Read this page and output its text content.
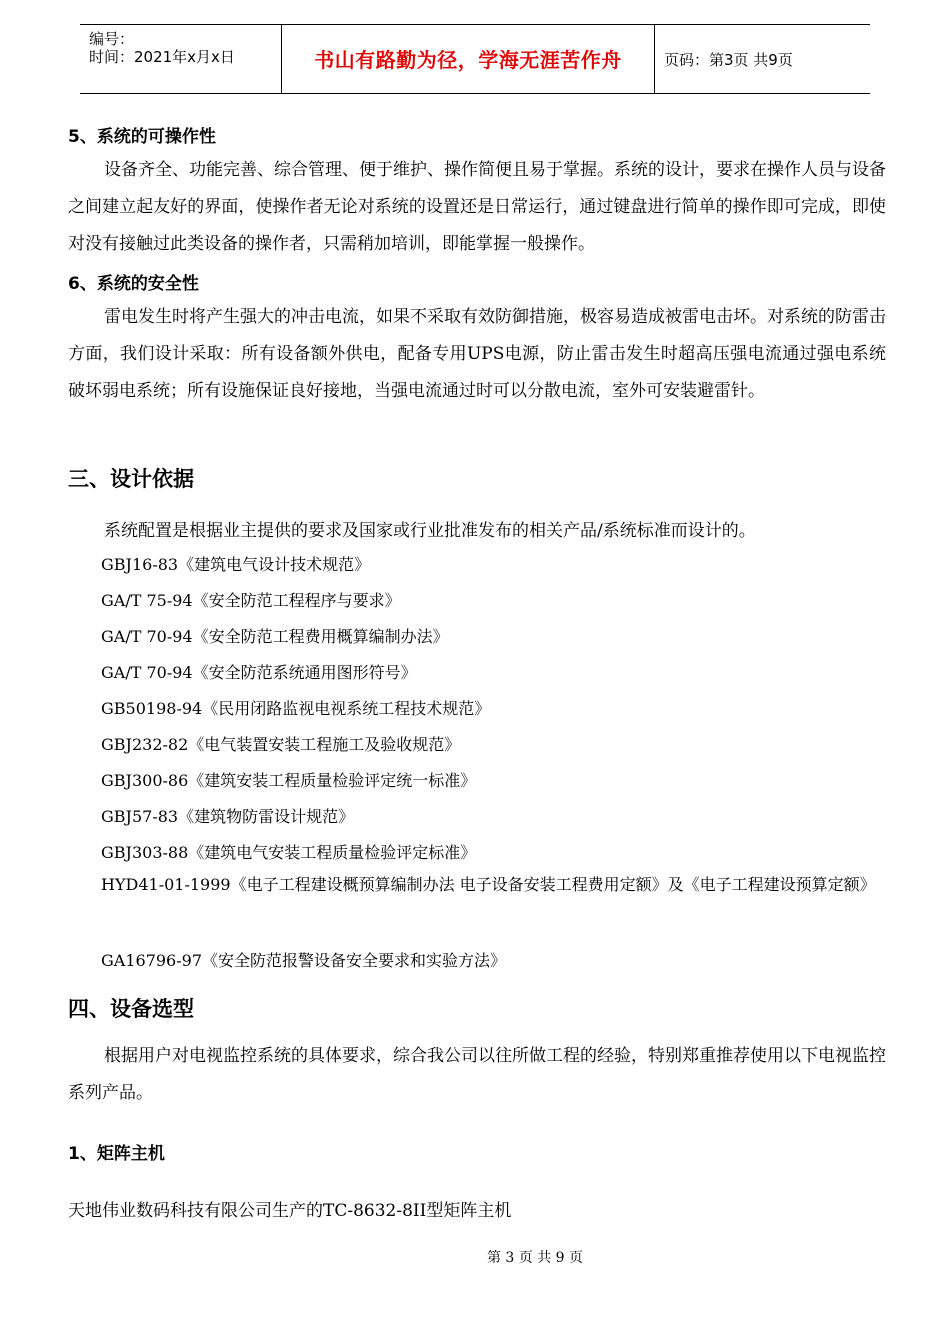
编号：
时间：2021年x月x日	书山有路勤为径，学海无涯苦作舟	页码：第3页 共9页
5、系统的可操作性
设备齐全、功能完善、综合管理、便于维护、操作简便且易于掌握。系统的设计，要求在操作人员与设备之间建立起友好的界面，使操作者无论对系统的设置还是日常运行，通过键盘进行简单的操作即可完成，即使对没有接触过此类设备的操作者，只需稍加培训，即能掌握一般操作。
6、系统的安全性
雷电发生时将产生强大的冲击电流，如果不采取有效防御措施，极容易造成被雷电击坏。对系统的防雷击方面，我们设计采取：所有设备额外供电，配备专用UPS电源，防止雷击发生时超高压强电流通过强电系统破坏弱电系统；所有设施保证良好接地，当强电流通过时可以分散电流，室外可安装避雷针。
三、设计依据
系统配置是根据业主提供的要求及国家或行业批准发布的相关产品/系统标准而设计的。
GBJ16-83《建筑电气设计技术规范》
GA/T 75-94《安全防范工程程序与要求》
GA/T 70-94《安全防范工程费用概算编制办法》
GA/T 70-94《安全防范系统通用图形符号》
GB50198-94《民用闭路监视电视系统工程技术规范》
GBJ232-82《电气装置安装工程施工及验收规范》
GBJ300-86《建筑安装工程质量检验评定统一标准》
GBJ57-83《建筑物防雷设计规范》
GBJ303-88《建筑电气安装工程质量检验评定标准》
HYD41-01-1999《电子工程建设概预算编制办法 电子设备安装工程费用定额》及《电子工程建设预算定额》
GA16796-97《安全防范报警设备安全要求和实验方法》
四、设备选型
根据用户对电视监控系统的具体要求，综合我公司以往所做工程的经验，特别郑重推荐使用以下电视监控系列产品。
1、矩阵主机
天地伟业数码科技有限公司生产的TC-8632-8II型矩阵主机
第 3 页 共 9 页
